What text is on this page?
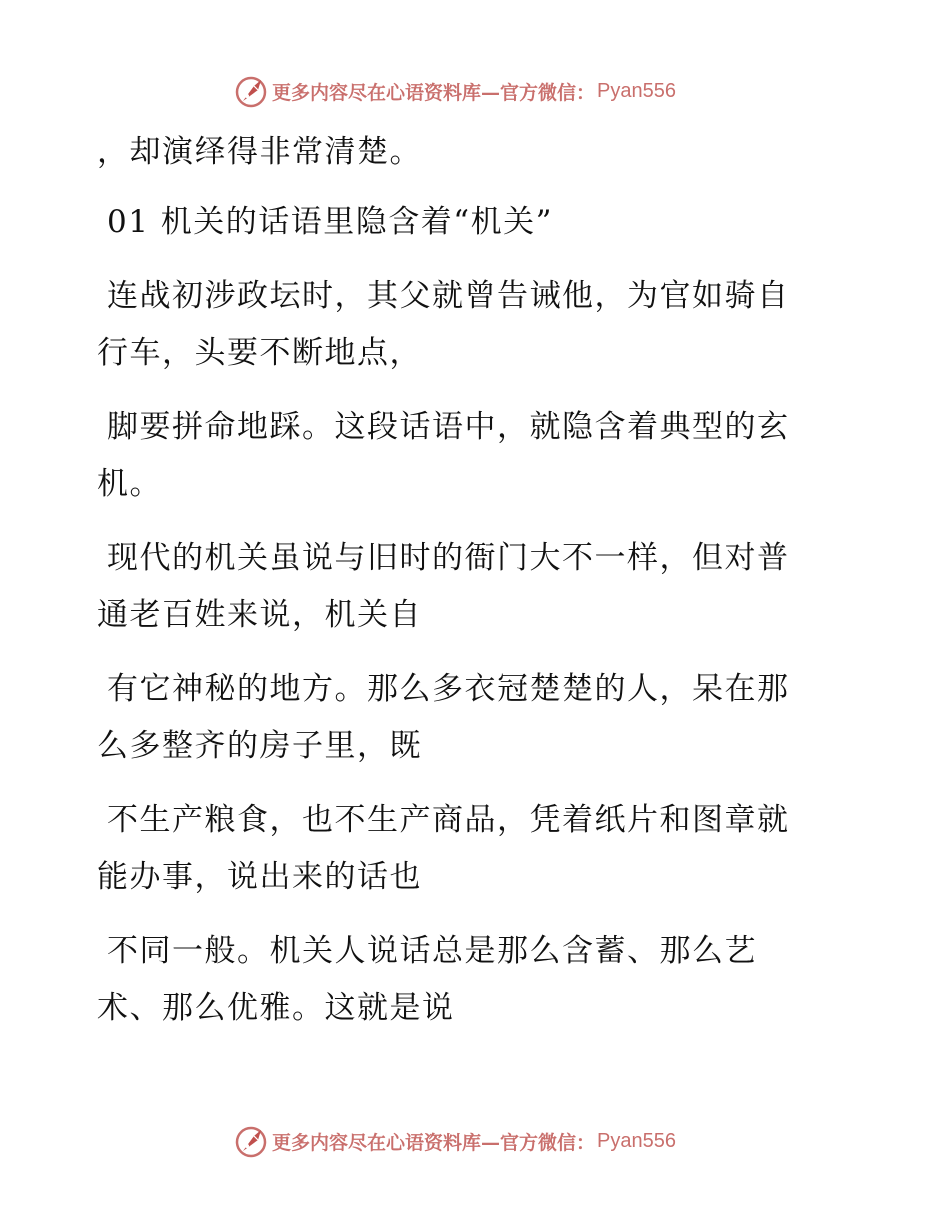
更多内容尽在心语资料库—官方微信： Pyan556
，却演绎得非常清楚。
01 机关的话语里隐含着“机关”
连战初涉政坛时，其父就曾告诫他，为官如骑自
行车，头要不断地点，
脚要拼命地踩。这段话语中，就隐含着典型的玄
机。
现代的机关虽说与旧时的衙门大不一样，但对普
通老百姓来说，机关自
有它神秘的地方。那么多衣冠楚楚的人，呆在那
么多整齐的房子里，既
不生产粮食，也不生产商品，凭着纸片和图章就
能办事，说出来的话也
不同一般。机关人说话总是那么含蓄、那么艺
术、那么优雅。这就是说
更多内容尽在心语资料库—官方微信： Pyan556
